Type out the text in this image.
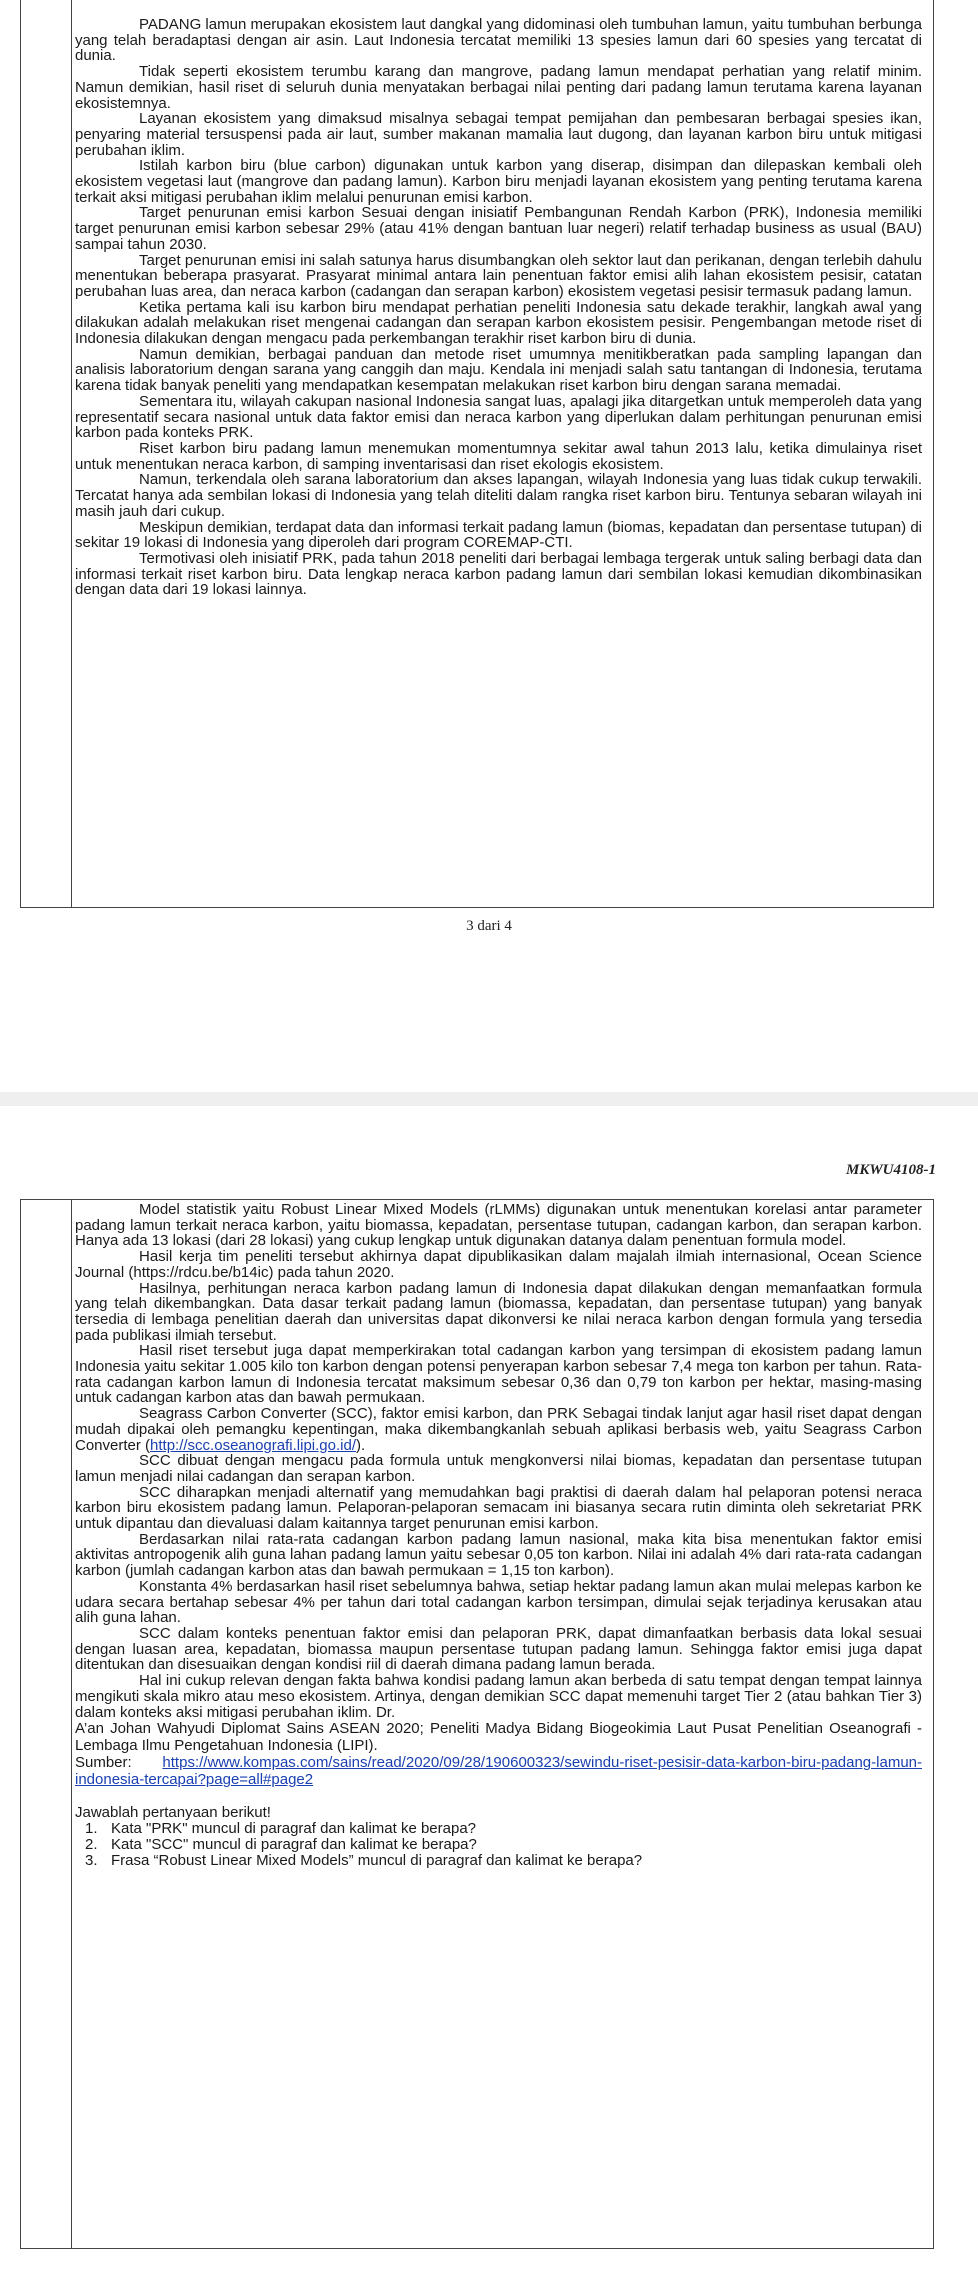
PADANG lamun merupakan ekosistem laut dangkal yang didominasi oleh tumbuhan lamun, yaitu tumbuhan berbunga yang telah beradaptasi dengan air asin. Laut Indonesia tercatat memiliki 13 spesies lamun dari 60 spesies yang tercatat di dunia.

Tidak seperti ekosistem terumbu karang dan mangrove, padang lamun mendapat perhatian yang relatif minim. Namun demikian, hasil riset di seluruh dunia menyatakan berbagai nilai penting dari padang lamun terutama karena layanan ekosistemnya.

Layanan ekosistem yang dimaksud misalnya sebagai tempat pemijahan dan pembesaran berbagai spesies ikan, penyaring material tersuspensi pada air laut, sumber makanan mamalia laut dugong, dan layanan karbon biru untuk mitigasi perubahan iklim.

Istilah karbon biru (blue carbon) digunakan untuk karbon yang diserap, disimpan dan dilepaskan kembali oleh ekosistem vegetasi laut (mangrove dan padang lamun). Karbon biru menjadi layanan ekosistem yang penting terutama karena terkait aksi mitigasi perubahan iklim melalui penurunan emisi karbon.

Target penurunan emisi karbon Sesuai dengan inisiatif Pembangunan Rendah Karbon (PRK), Indonesia memiliki target penurunan emisi karbon sebesar 29% (atau 41% dengan bantuan luar negeri) relatif terhadap business as usual (BAU) sampai tahun 2030.

Target penurunan emisi ini salah satunya harus disumbangkan oleh sektor laut dan perikanan, dengan terlebih dahulu menentukan beberapa prasyarat. Prasyarat minimal antara lain penentuan faktor emisi alih lahan ekosistem pesisir, catatan perubahan luas area, dan neraca karbon (cadangan dan serapan karbon) ekosistem vegetasi pesisir termasuk padang lamun.

Ketika pertama kali isu karbon biru mendapat perhatian peneliti Indonesia satu dekade terakhir, langkah awal yang dilakukan adalah melakukan riset mengenai cadangan dan serapan karbon ekosistem pesisir. Pengembangan metode riset di Indonesia dilakukan dengan mengacu pada perkembangan terakhir riset karbon biru di dunia.

Namun demikian, berbagai panduan dan metode riset umumnya menitikberatkan pada sampling lapangan dan analisis laboratorium dengan sarana yang canggih dan maju. Kendala ini menjadi salah satu tantangan di Indonesia, terutama karena tidak banyak peneliti yang mendapatkan kesempatan melakukan riset karbon biru dengan sarana memadai.

Sementara itu, wilayah cakupan nasional Indonesia sangat luas, apalagi jika ditargetkan untuk memperoleh data yang representatif secara nasional untuk data faktor emisi dan neraca karbon yang diperlukan dalam perhitungan penurunan emisi karbon pada konteks PRK.

Riset karbon biru padang lamun menemukan momentumnya sekitar awal tahun 2013 lalu, ketika dimulainya riset untuk menentukan neraca karbon, di samping inventarisasi dan riset ekologis ekosistem.

Namun, terkendala oleh sarana laboratorium dan akses lapangan, wilayah Indonesia yang luas tidak cukup terwakili. Tercatat hanya ada sembilan lokasi di Indonesia yang telah diteliti dalam rangka riset karbon biru. Tentunya sebaran wilayah ini masih jauh dari cukup.

Meskipun demikian, terdapat data dan informasi terkait padang lamun (biomas, kepadatan dan persentase tutupan) di sekitar 19 lokasi di Indonesia yang diperoleh dari program COREMAP-CTI.

Termotivasi oleh inisiatif PRK, pada tahun 2018 peneliti dari berbagai lembaga tergerak untuk saling berbagi data dan informasi terkait riset karbon biru. Data lengkap neraca karbon padang lamun dari sembilan lokasi kemudian dikombinasikan dengan data dari 19 lokasi lainnya.

3 dari 4
MKWU4108-1

Model statistik yaitu Robust Linear Mixed Models (rLMMs) digunakan untuk menentukan korelasi antar parameter padang lamun terkait neraca karbon, yaitu biomassa, kepadatan, persentase tutupan, cadangan karbon, dan serapan karbon. Hanya ada 13 lokasi (dari 28 lokasi) yang cukup lengkap untuk digunakan datanya dalam penentuan formula model.

Hasil kerja tim peneliti tersebut akhirnya dapat dipublikasikan dalam majalah ilmiah internasional, Ocean Science Journal (https://rdcu.be/b14ic) pada tahun 2020.

Hasilnya, perhitungan neraca karbon padang lamun di Indonesia dapat dilakukan dengan memanfaatkan formula yang telah dikembangkan. Data dasar terkait padang lamun (biomassa, kepadatan, dan persentase tutupan) yang banyak tersedia di lembaga penelitian daerah dan universitas dapat dikonversi ke nilai neraca karbon dengan formula yang tersedia pada publikasi ilmiah tersebut.

Hasil riset tersebut juga dapat memperkirakan total cadangan karbon yang tersimpan di ekosistem padang lamun Indonesia yaitu sekitar 1.005 kilo ton karbon dengan potensi penyerapan karbon sebesar 7,4 mega ton karbon per tahun. Rata-rata cadangan karbon lamun di Indonesia tercatat maksimum sebesar 0,36 dan 0,79 ton karbon per hektar, masing-masing untuk cadangan karbon atas dan bawah permukaan.

Seagrass Carbon Converter (SCC), faktor emisi karbon, dan PRK Sebagai tindak lanjut agar hasil riset dapat dengan mudah dipakai oleh pemangku kepentingan, maka dikembangkanlah sebuah aplikasi berbasis web, yaitu Seagrass Carbon Converter (http://scc.oseanografi.lipi.go.id/).

SCC dibuat dengan mengacu pada formula untuk mengkonversi nilai biomas, kepadatan dan persentase tutupan lamun menjadi nilai cadangan dan serapan karbon.

SCC diharapkan menjadi alternatif yang memudahkan bagi praktisi di daerah dalam hal pelaporan potensi neraca karbon biru ekosistem padang lamun. Pelaporan-pelaporan semacam ini biasanya secara rutin diminta oleh sekretariat PRK untuk dipantau dan dievaluasi dalam kaitannya target penurunan emisi karbon.

Berdasarkan nilai rata-rata cadangan karbon padang lamun nasional, maka kita bisa menentukan faktor emisi aktivitas antropogenik alih guna lahan padang lamun yaitu sebesar 0,05 ton karbon. Nilai ini adalah 4% dari rata-rata cadangan karbon (jumlah cadangan karbon atas dan bawah permukaan = 1,15 ton karbon).

Konstanta 4% berdasarkan hasil riset sebelumnya bahwa, setiap hektar padang lamun akan mulai melepas karbon ke udara secara bertahap sebesar 4% per tahun dari total cadangan karbon tersimpan, dimulai sejak terjadinya kerusakan atau alih guna lahan.

SCC dalam konteks penentuan faktor emisi dan pelaporan PRK, dapat dimanfaatkan berbasis data lokal sesuai dengan luasan area, kepadatan, biomassa maupun persentase tutupan padang lamun. Sehingga faktor emisi juga dapat ditentukan dan disesuaikan dengan kondisi riil di daerah dimana padang lamun berada.

Hal ini cukup relevan dengan fakta bahwa kondisi padang lamun akan berbeda di satu tempat dengan tempat lainnya mengikuti skala mikro atau meso ekosistem. Artinya, dengan demikian SCC dapat memenuhi target Tier 2 (atau bahkan Tier 3) dalam konteks aksi mitigasi perubahan iklim. Dr.

A’an Johan Wahyudi Diplomat Sains ASEAN 2020; Peneliti Madya Bidang Biogeokimia Laut Pusat Penelitian Oseanografi - Lembaga Ilmu Pengetahuan Indonesia (LIPI).

Sumber: https://www.kompas.com/sains/read/2020/09/28/190600323/sewindu-riset-pesisir-data-karbon-biru-padang-lamun-indonesia-tercapai?page=all#page2

Jawablah pertanyaan berikut!
1. Kata "PRK" muncul di paragraf dan kalimat ke berapa?
2. Kata "SCC" muncul di paragraf dan kalimat ke berapa?
3. Frasa “Robust Linear Mixed Models” muncul di paragraf dan kalimat ke berapa?
